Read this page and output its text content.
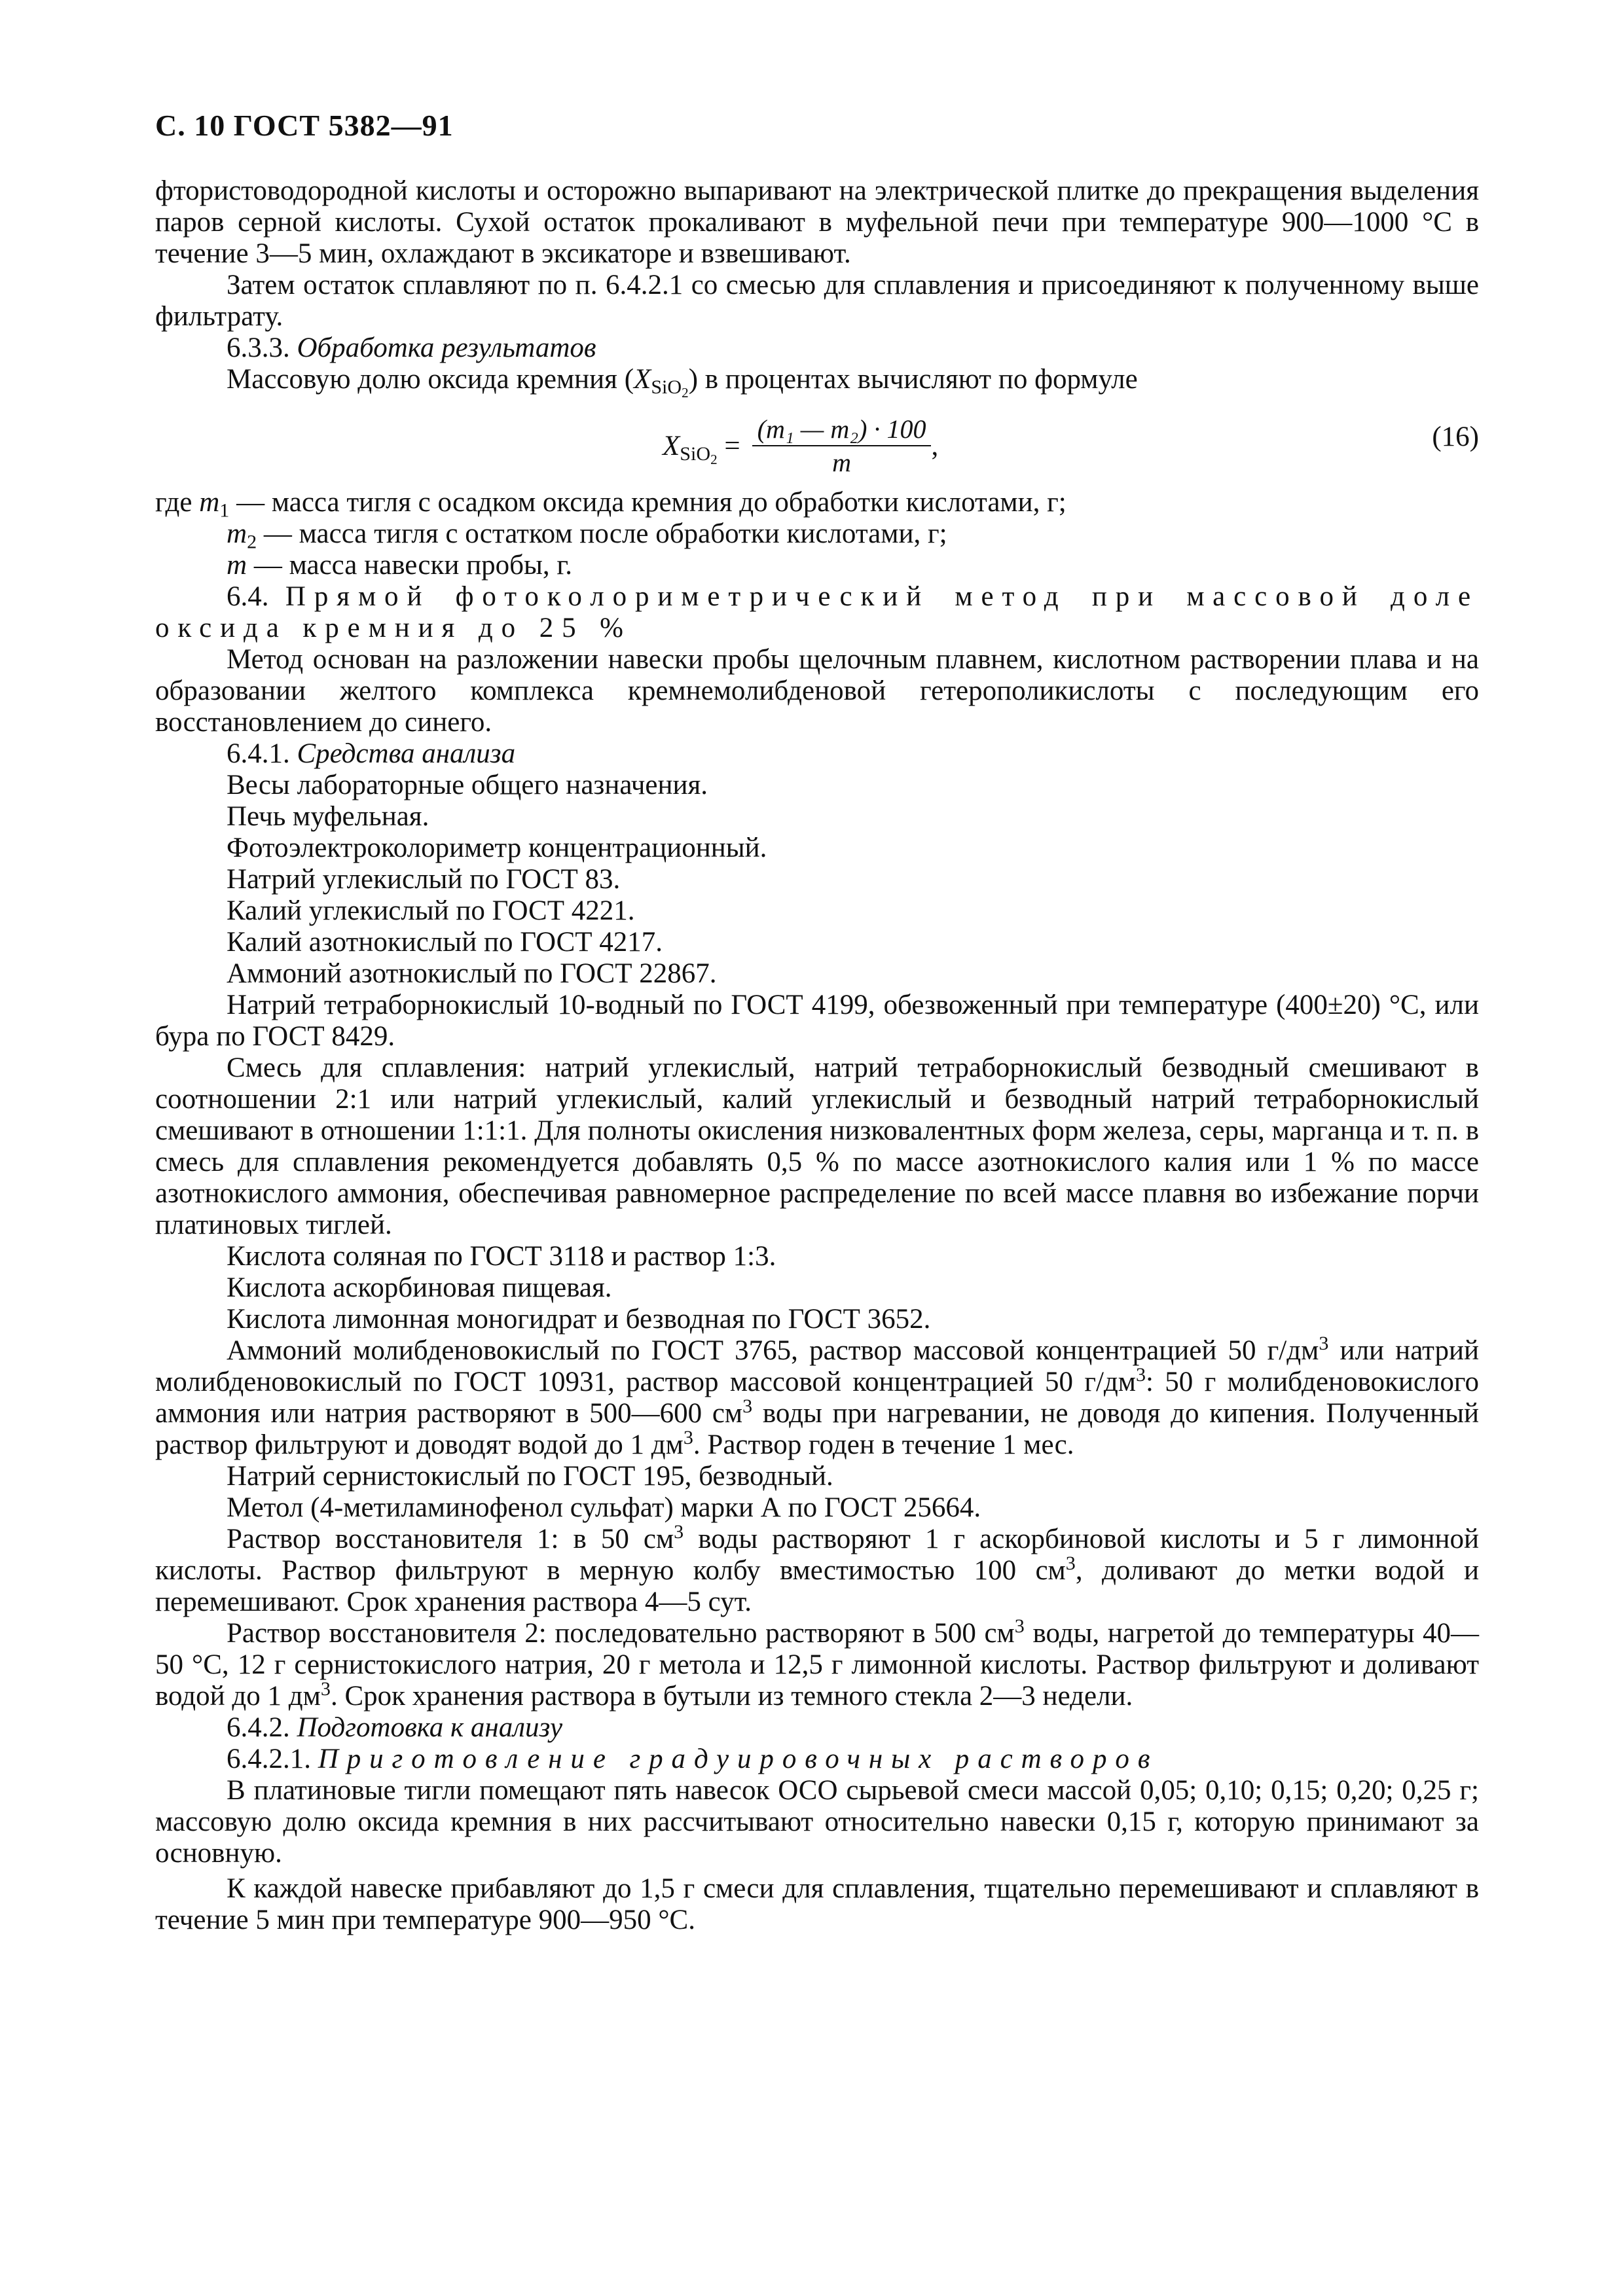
С. 10 ГОСТ 5382—91

фтористоводородной кислоты и осторожно выпаривают на электрической плитке до прекращения выделения паров серной кислоты. Сухой остаток прокаливают в муфельной печи при температуре 900—1000 °С в течение 3—5 мин, охлаждают в эксикаторе и взвешивают.

Затем остаток сплавляют по п. 6.4.2.1 со смесью для сплавления и присоединяют к полученному выше фильтрату.

6.3.3. Обработка результатов

Массовую долю оксида кремния $(X_{SiO_2})$ в процентах вычисляют по формуле

$X_{SiO_2} = \frac{\text{(m₁ — m₂) · 100}}{m}$ ,	(16)

где $m_1$ — масса тигля с осадком оксида кремния до обработки кислотами, г;

$m_2$ — масса тигля с остатком после обработки кислотами, г;

m — масса навески пробы, г.

6.4. Прямой фотоколориметрический метод при массовой доле оксида кремния до 25 %

Метод основан на разложении навески пробы щелочным плавнем, кислотном растворении плава и на образовании желтого комплекса кремнемолибденовой гетерополикислоты с последующим его восстановлением до синего.

6.4.1. Средства анализа

Весы лабораторные общего назначения.

Печь муфельная.

Фотоэлектроколориметр концентрационный.

Натрий углекислый по ГОСТ 83.

Калий углекислый по ГОСТ 4221.

Калий азотнокислый по ГОСТ 4217.

Аммоний азотнокислый по ГОСТ 22867.

Натрий тетраборнокислый 10-водный по ГОСТ 4199, обезвоженный при температуре (400±20) °С, или бура по ГОСТ 8429.

Смесь для сплавления: натрий углекислый, натрий тетраборнокислый безводный смешивают в соотношении 2:1 или натрий углекислый, калий углекислый и безводный натрий тетраборнокислый смешивают в отношении 1:1:1. Для полноты окисления низковалентных форм железа, серы, марганца и т. п. в смесь для сплавления рекомендуется добавлять 0,5 % по массе азотнокислого калия или 1 % по массе азотнокислого аммония, обеспечивая равномерное распределение по всей массе плавня во избежание порчи платиновых тиглей.

Кислота соляная по ГОСТ 3118 и раствор 1:3.

Кислота аскорбиновая пищевая.

Кислота лимонная моногидрат и безводная по ГОСТ 3652.

Аммоний молибденовокислый по ГОСТ 3765, раствор массовой концентрацией 50 $г/дм^3$ или натрий молибденовокислый по ГОСТ 10931, раствор массовой концентрацией 50 $г/дм^3$: 50 г молибденовокислого аммония или натрия растворяют в 500—600 $см^3$ воды при нагревании, не доводя до кипения. Полученный раствор фильтруют и доводят водой до 1 $дм^3$. Раствор годен в течение 1 мес.

Натрий сернистокислый по ГОСТ 195, безводный.

Метол (4-метиламинофенол сульфат) марки А по ГОСТ 25664.

Раствор восстановителя 1: в 50 $см^3$ воды растворяют 1 г аскорбиновой кислоты и 5 г лимонной кислоты. Раствор фильтруют в мерную колбу вместимостью 100 $см^3$, доливают до метки водой и перемешивают. Срок хранения раствора 4—5 сут.

Раствор восстановителя 2: последовательно растворяют в 500 $см^3$ воды, нагретой до температуры 40—50 °С, 12 г сернистокислого натрия, 20 г метола и 12,5 г лимонной кислоты. Раствор фильтруют и доливают водой до 1 $дм^3$. Срок хранения раствора в бутыли из темного стекла 2—3 недели.

6.4.2. Подготовка к анализу

6.4.2.1. Приготовление градуировочных растворов

В платиновые тигли помещают пять навесок ОСО сырьевой смеси массой 0,05; 0,10; 0,15; 0,20; 0,25 г; массовую долю оксида кремния в них рассчитывают относительно навески 0,15 г, которую принимают за основную.

К каждой навеске прибавляют до 1,5 г смеси для сплавления, тщательно перемешивают и сплавляют в течение 5 мин при температуре 900—950 °С.
